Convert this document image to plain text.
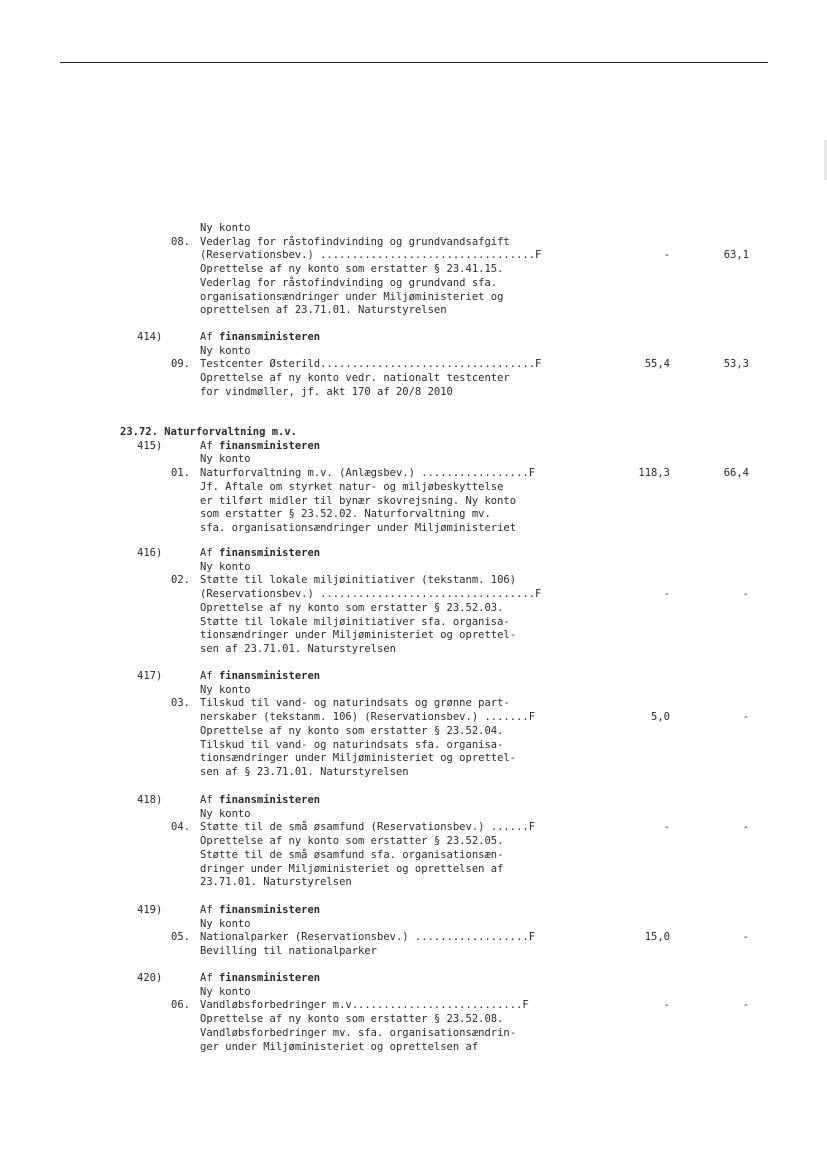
Ny konto
08. Vederlag for råstofindvinding og grundvandsafgift
(Reservationsbev.) ..................................F	-	63,1
Oprettelse af ny konto som erstatter § 23.41.15.
Vederlag for råstofindvinding og grundvand sfa.
organisationsændringer under Miljøministeriet og
oprettelsen af 23.71.01. Naturstyrelsen
414)	Af finansministeren
Ny konto
09. Testcenter Østerild..................................F	55,4	53,3
Oprettelse af ny konto vedr. nationalt testcenter
for vindmøller, jf. akt 170 af 20/8 2010
23.72. Naturforvaltning m.v.
415)	Af finansministeren
Ny konto
01. Naturforvaltning m.v. (Anlægsbev.) .................F	118,3	66,4
Jf. Aftale om styrket natur- og miljøbeskyttelse
er tilført midler til bynær skovrejsning. Ny konto
som erstatter § 23.52.02. Naturforvaltning mv.
sfa. organisationsændringer under Miljøministeriet
416)	Af finansministeren
Ny konto
02. Støtte til lokale miljøinitiativer (tekstanm. 106)
(Reservationsbev.) ..................................F	-	-
Oprettelse af ny konto som erstatter § 23.52.03.
Støtte til lokale miljøinitiativer sfa. organisa-
tionsændringer under Miljøministeriet og oprettel-
sen af 23.71.01. Naturstyrelsen
417)	Af finansministeren
Ny konto
03. Tilskud til vand- og naturindsats og grønne part-
nerskaber (tekstanm. 106) (Reservationsbev.) .......F	5,0	-
Oprettelse af ny konto som erstatter § 23.52.04.
Tilskud til vand- og naturindsats sfa. organisa-
tionsændringer under Miljøministeriet og oprettel-
sen af § 23.71.01. Naturstyrelsen
418)	Af finansministeren
Ny konto
04. Støtte til de små øsamfund (Reservationsbev.) ......F	-	-
Oprettelse af ny konto som erstatter § 23.52.05.
Støtte til de små øsamfund sfa. organisationsæn-
dringer under Miljøministeriet og oprettelsen af
23.71.01. Naturstyrelsen
419)	Af finansministeren
Ny konto
05. Nationalparker (Reservationsbev.) ..................F	15,0	-
Bevilling til nationalparker
420)	Af finansministeren
Ny konto
06. Vandløbsforbedringer m.v...........................F	-	-
Oprettelse af ny konto som erstatter § 23.52.08.
Vandløbsforbedringer mv. sfa. organisationsændrin-
ger under Miljøministeriet og oprettelsen af
